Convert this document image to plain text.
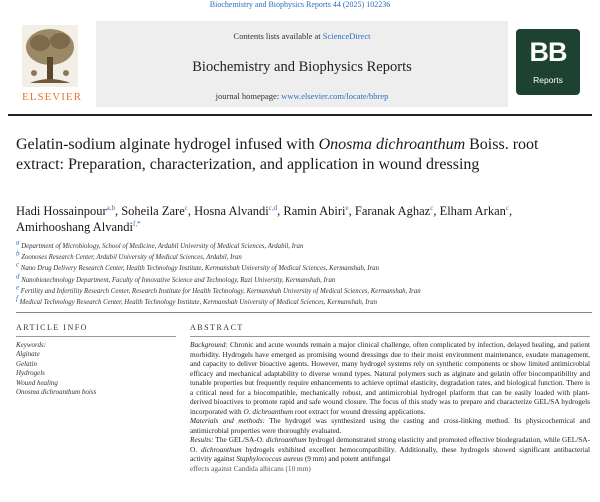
Biochemistry and Biophysics Reports 44 (2025) 102236
ELSEVIER
Contents lists available at ScienceDirect
Biochemistry and Biophysics Reports
journal homepage: www.elsevier.com/locate/bbrep
BB
Reports
Gelatin-sodium alginate hydrogel infused with Onosma dichroanthum Boiss. root extract: Preparation, characterization, and application in wound dressing
Hadi Hossainpour$^{a,b}$, Soheila Zare$^c$, Hosna Alvandi$^{c,d}$, Ramin Abiri$^e$, Faranak Aghaz$^c$, Elham Arkan$^c$, Amirhooshang Alvandi$^{f,*}$
$^a$ Department of Microbiology, School of Medicine, Ardabil University of Medical Sciences, Ardabil, Iran
$^b$ Zoonoses Research Center, Ardabil University of Medical Sciences, Ardabil, Iran
$^c$ Nano Drug Delivery Research Center, Health Technology Institute, Kermanshah University of Medical Sciences, Kermanshah, Iran
$^d$ Nanobiotechnology Department, Faculty of Innovative Science and Technology, Razi University, Kermanshah, Iran
$^e$ Fertility and Infertility Research Center, Research Institute for Health Technology, Kermanshah University of Medical Sciences, Kermanshah, Iran
$^f$ Medical Technology Research Center, Health Technology Institute, Kermanshah University of Medical Sciences, Kermanshah, Iran
ARTICLE INFO
Keywords:
Alginate
Gelatin
Hydrogels
Wound healing
Onosma dichroanthum boiss
ABSTRACT

Background: Chronic and acute wounds remain a major clinical challenge, often complicated by infection, delayed healing, and patient morbidity. Hydrogels have emerged as promising wound dressings due to their moist environment maintenance, exudate management, and capacity to deliver bioactive agents. However, many hydrogel systems rely on synthetic components or show limited antimicrobial efficacy and mechanical adaptability to diverse wound types. Natural polymers such as alginate and gelatin offer biocompatibility and tunable properties but frequently require enhancements to achieve optimal elasticity, degradation rates, and biological function. There is a critical need for a biocompatible, mechanically robust, and antimicrobial hydrogel platform that can be easily loaded with plant-derived bioactives to promote rapid and safe wound closure. The focus of this study was to prepare and characterize GEL/SA hydrogels incorporated with O. dichroanthum root extract for wound dressing applications.

Materials and methods: The hydrogel was synthesized using the casting and cross-linking method. Its physicochemical and antimicrobial properties were thoroughly evaluated.

Results: The GEL/SA-O. dichroanthum hydrogel demonstrated strong elasticity and promoted effective biodegradation, while GEL/SA-O. dichroanthum hydrogels exhibited excellent hemocompatibility. Additionally, these hydrogels showed significant antibacterial activity against Staphylococcus aureus (9 mm) and potent antifungal

effects against Candida albicans (10 mm)
